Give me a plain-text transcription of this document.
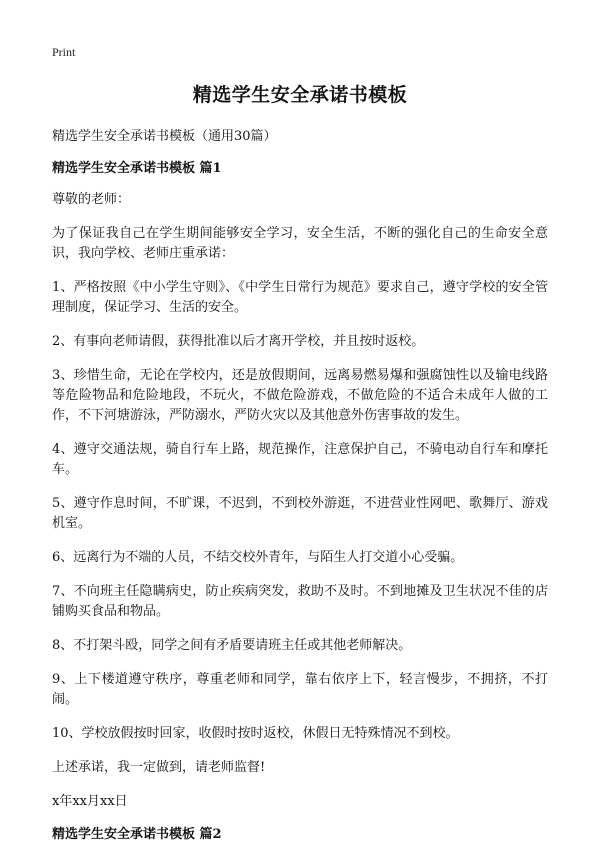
Print
精选学生安全承诺书模板

精选学生安全承诺书模板（通用30篇）

精选学生安全承诺书模板 篇1

尊敬的老师：

为了保证我自己在学生期间能够安全学习，安全生活，不断的强化自己的生命安全意识，我向学校、老师庄重承诺：

1、严格按照《中小学生守则》、《中学生日常行为规范》要求自己，遵守学校的安全管理制度，保证学习、生活的安全。
2、有事向老师请假，获得批准以后才离开学校，并且按时返校。
3、珍惜生命，无论在学校内，还是放假期间，远离易燃易爆和强腐蚀性以及输电线路等危险物品和危险地段，不玩火，不做危险游戏，不做危险的不适合未成年人做的工作，不下河塘游泳，严防溺水，严防火灾以及其他意外伤害事故的发生。
4、遵守交通法规，骑自行车上路，规范操作，注意保护自己，不骑电动自行车和摩托车。
5、遵守作息时间，不旷课，不迟到，不到校外游逛，不进营业性网吧、歌舞厅、游戏机室。
6、远离行为不端的人员，不结交校外青年，与陌生人打交道小心受骗。
7、不向班主任隐瞒病史，防止疾病突发，救助不及时。不到地摊及卫生状况不佳的店铺购买食品和物品。
8、不打架斗殴，同学之间有矛盾要请班主任或其他老师解决。
9、上下楼道遵守秩序，尊重老师和同学，靠右依序上下，轻言慢步，不拥挤，不打闹。
10、学校放假按时回家，收假时按时返校，休假日无特殊情况不到校。

上述承诺，我一定做到，请老师监督!

x年xx月xx日

精选学生安全承诺书模板 篇2
